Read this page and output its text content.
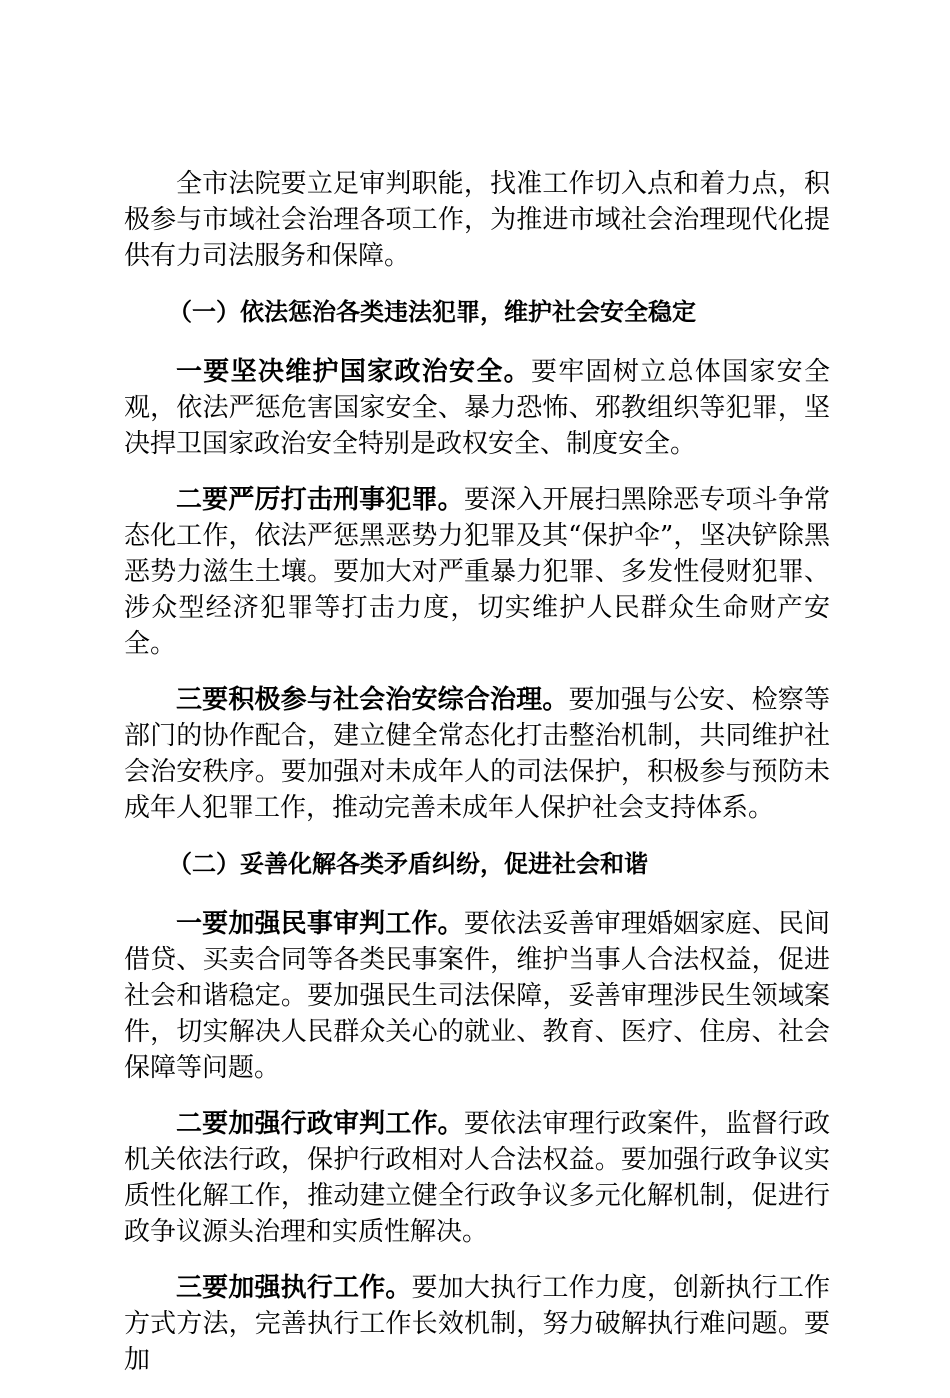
全市法院要立足审判职能，找准工作切入点和着力点，积极参与市域社会治理各项工作，为推进市域社会治理现代化提供有力司法服务和保障。

（一）依法惩治各类违法犯罪，维护社会安全稳定

一要坚决维护国家政治安全。要牢固树立总体国家安全观，依法严惩危害国家安全、暴力恐怖、邪教组织等犯罪，坚决捍卫国家政治安全特别是政权安全、制度安全。

二要严厉打击刑事犯罪。要深入开展扫黑除恶专项斗争常态化工作，依法严惩黑恶势力犯罪及其“保护伞”，坚决铲除黑恶势力滋生土壤。要加大对严重暴力犯罪、多发性侵财犯罪、涉众型经济犯罪等打击力度，切实维护人民群众生命财产安全。

三要积极参与社会治安综合治理。要加强与公安、检察等部门的协作配合，建立健全常态化打击整治机制，共同维护社会治安秩序。要加强对未成年人的司法保护，积极参与预防未成年人犯罪工作，推动完善未成年人保护社会支持体系。

（二）妥善化解各类矛盾纠纷，促进社会和谐

一要加强民事审判工作。要依法妥善审理婚姻家庭、民间借贷、买卖合同等各类民事案件，维护当事人合法权益，促进社会和谐稳定。要加强民生司法保障，妥善审理涉民生领域案件，切实解决人民群众关心的就业、教育、医疗、住房、社会保障等问题。

二要加强行政审判工作。要依法审理行政案件，监督行政机关依法行政，保护行政相对人合法权益。要加强行政争议实质性化解工作，推动建立健全行政争议多元化解机制，促进行政争议源头治理和实质性解决。

三要加强执行工作。要加大执行工作力度，创新执行工作方式方法，完善执行工作长效机制，努力破解执行难问题。要加
